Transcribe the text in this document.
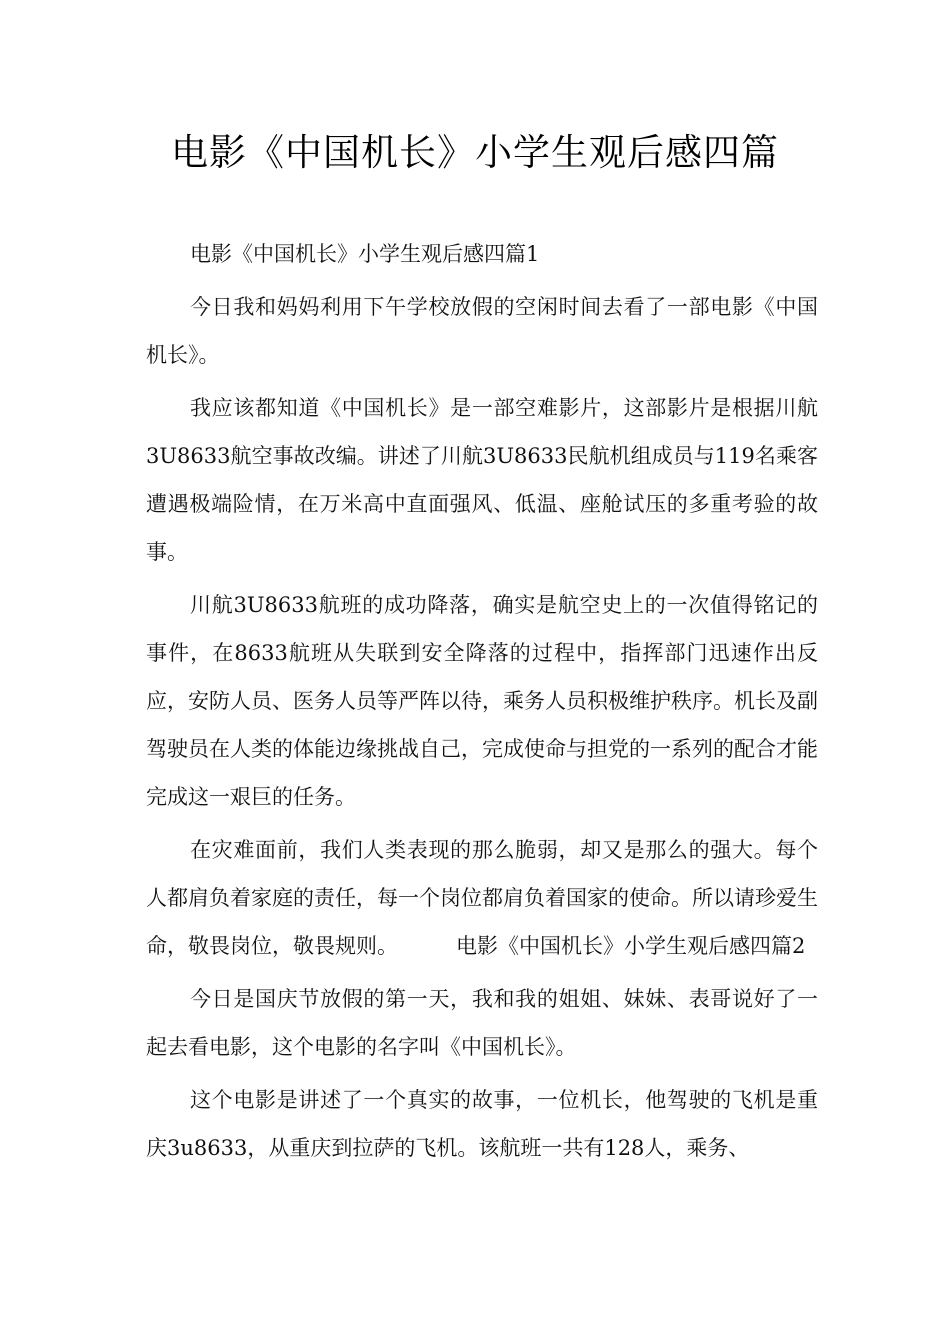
电影《中国机长》小学生观后感四篇

电影《中国机长》小学生观后感四篇1

今日我和妈妈利用下午学校放假的空闲时间去看了一部电影《中国机长》。

我应该都知道《中国机长》是一部空难影片，这部影片是根据川航3U8633航空事故改编。讲述了川航3U8633民航机组成员与119名乘客遭遇极端险情，在万米高中直面强风、低温、座舱试压的多重考验的故事。

川航3U8633航班的成功降落，确实是航空史上的一次值得铭记的事件，在8633航班从失联到安全降落的过程中，指挥部门迅速作出反应，安防人员、医务人员等严阵以待，乘务人员积极维护秩序。机长及副驾驶员在人类的体能边缘挑战自己，完成使命与担党的一系列的配合才能完成这一艰巨的任务。

在灾难面前，我们人类表现的那么脆弱，却又是那么的强大。每个人都肩负着家庭的责任，每一个岗位都肩负着国家的使命。所以请珍爱生命，敬畏岗位，敬畏规则。	电影《中国机长》小学生观后感四篇2

今日是国庆节放假的第一天，我和我的姐姐、妹妹、表哥说好了一起去看电影，这个电影的名字叫《中国机长》。

这个电影是讲述了一个真实的故事，一位机长，他驾驶的飞机是重庆3u8633，从重庆到拉萨的飞机。该航班一共有128人，乘务、
